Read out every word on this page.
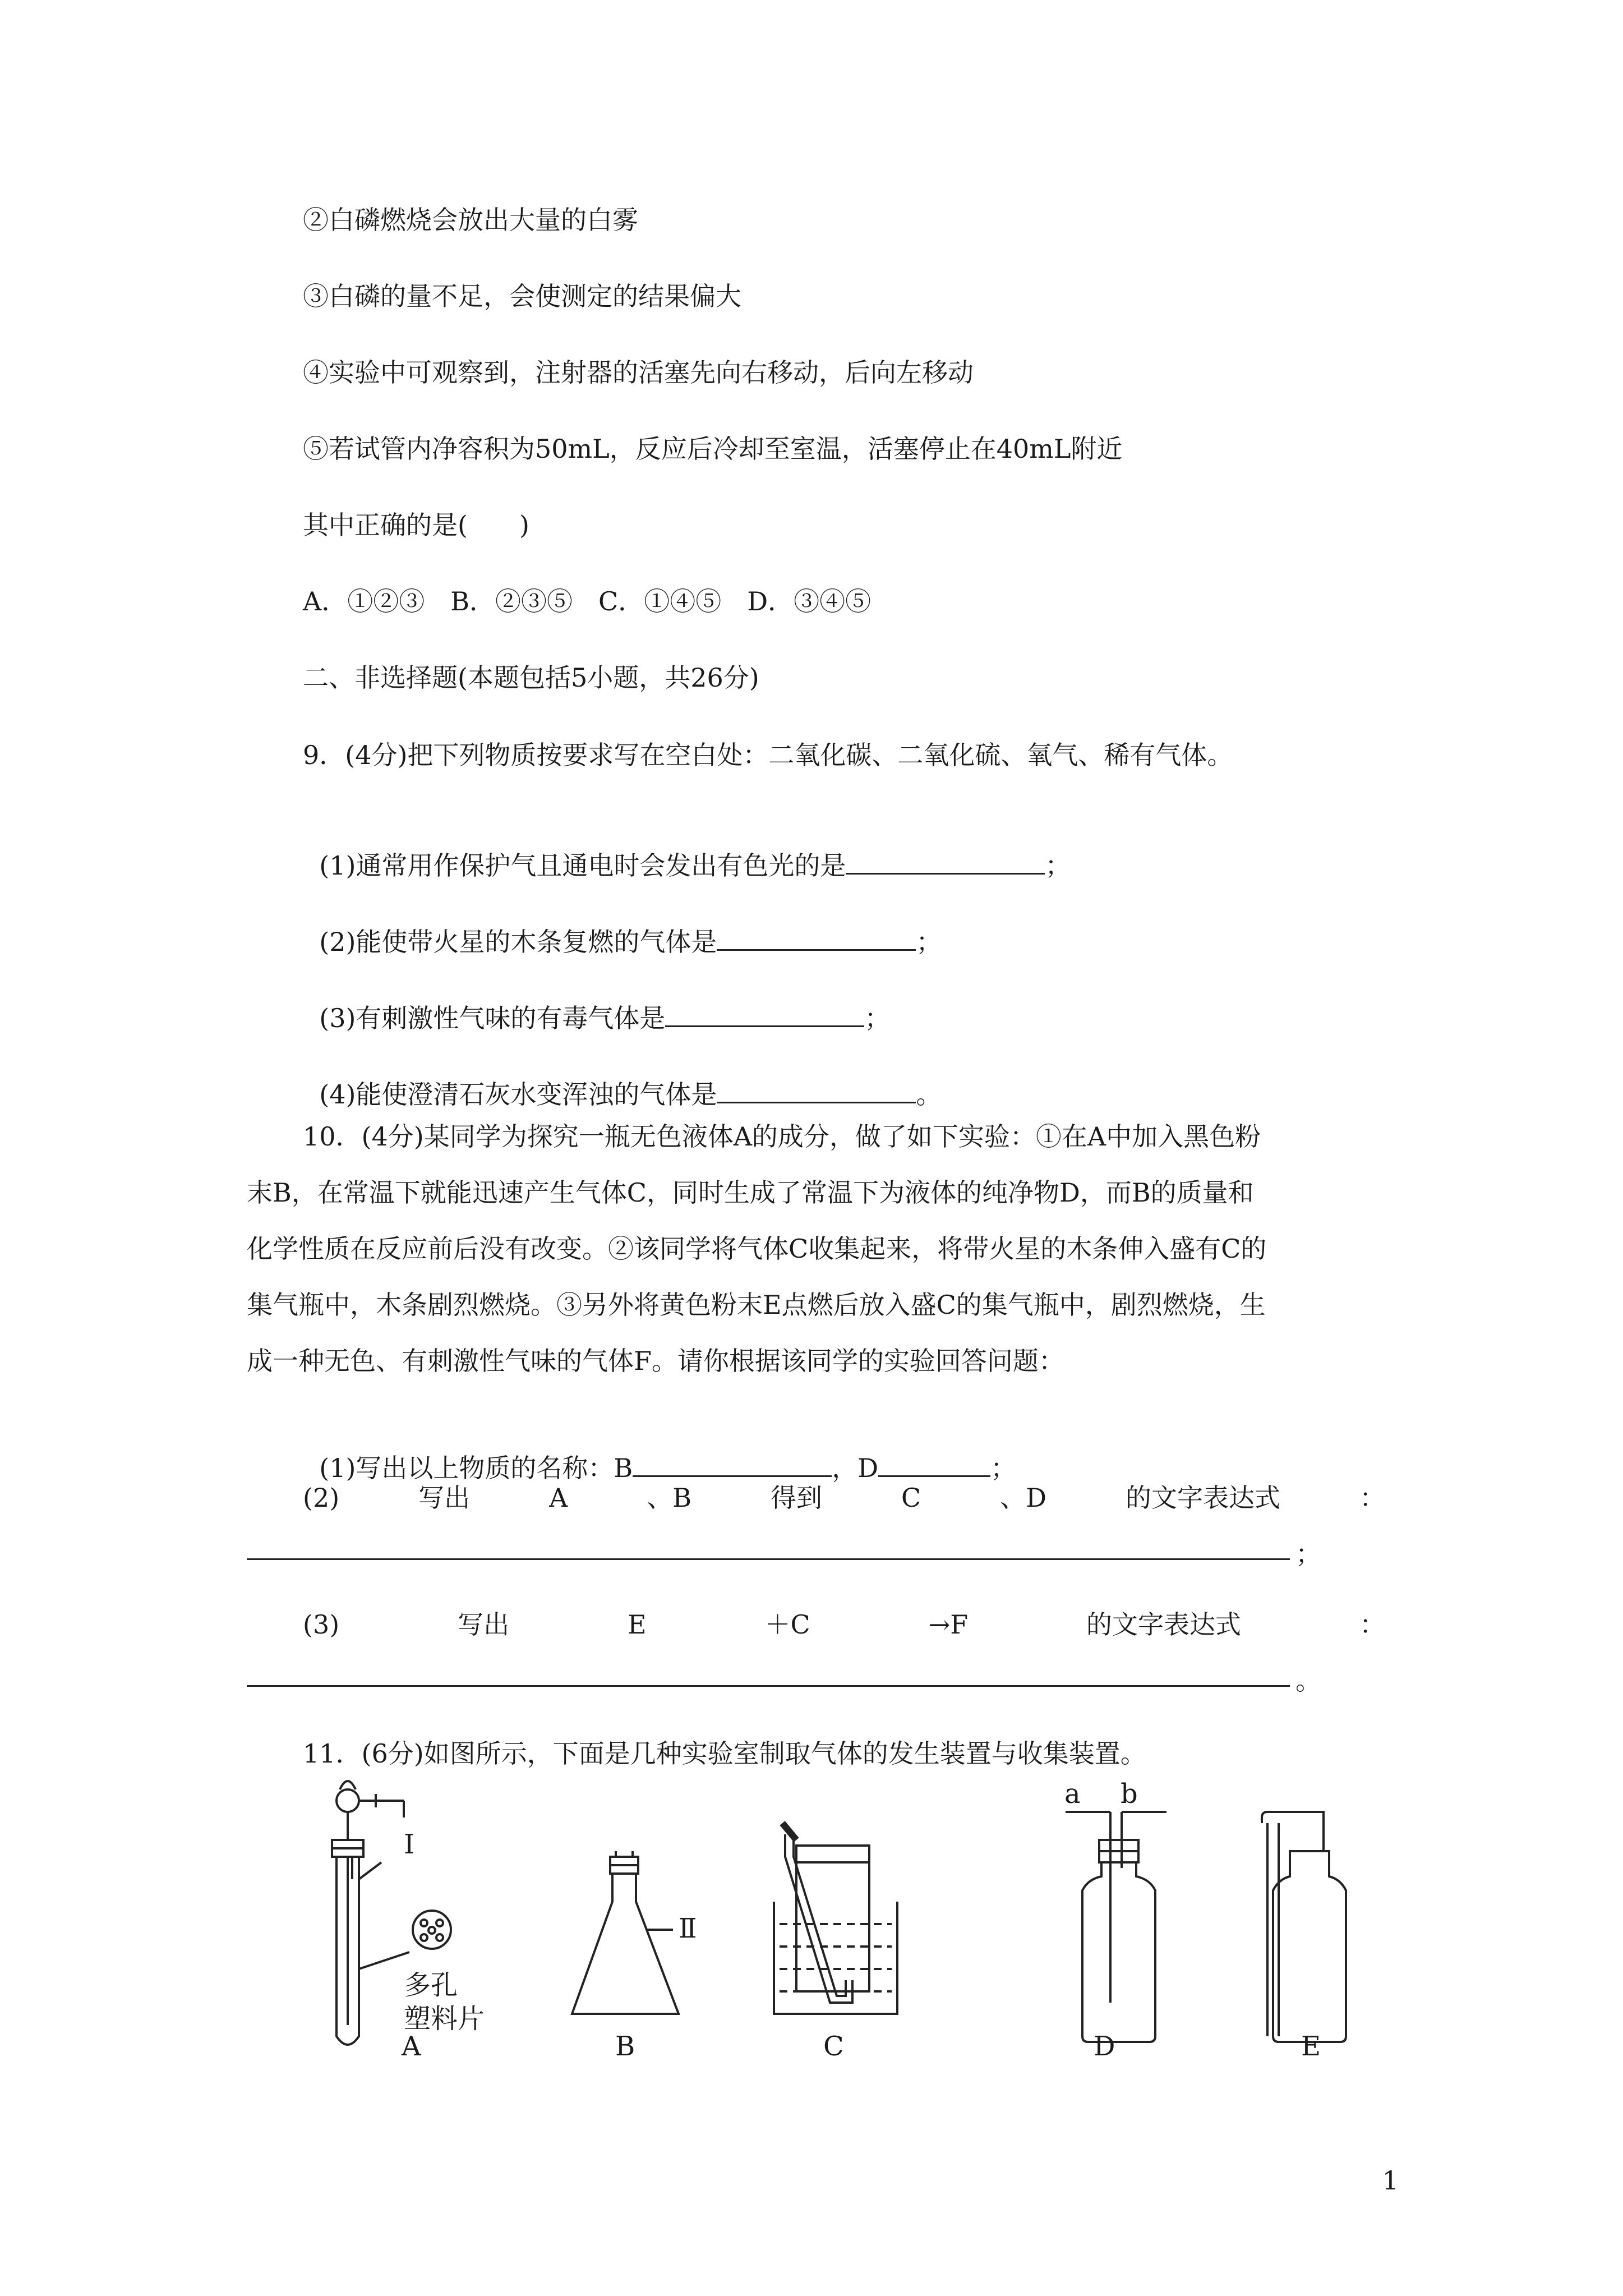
②白磷燃烧会放出大量的白雾
③白磷的量不足，会使测定的结果偏大
④实验中可观察到，注射器的活塞先向右移动，后向左移动
⑤若试管内净容积为50mL，反应后冷却至室温，活塞停止在40mL附近
其中正确的是(　　)
A．①②③　B．②③⑤　C．①④⑤　D．③④⑤
二、非选择题(本题包括5小题，共26分)
9．(4分)把下列物质按要求写在空白处：二氧化碳、二氧化硫、氧气、稀有气体。

(1)通常用作保护气且通电时会发出有色光的是	；

(2)能使带火星的木条复燃的气体是	；

(3)有刺激性气味的有毒气体是	；

(4)能使澄清石灰水变浑浊的气体是	。

10．(4分)某同学为探究一瓶无色液体A的成分，做了如下实验：①在A中加入黑色粉
末B，在常温下就能迅速产生气体C，同时生成了常温下为液体的纯净物D，而B的质量和
化学性质在反应前后没有改变。②该同学将气体C收集起来，将带火星的木条伸入盛有C的
集气瓶中，木条剧烈燃烧。③另外将黄色粉末E点燃后放入盛C的集气瓶中，剧烈燃烧，生
成一种无色、有刺激性气味的气体F。请你根据该同学的实验回答问题：

(1)写出以上物质的名称：B	，D	；

(2)	写出	A	、B	得到	C	、D	的文字表达式	：
；
(3)	写出	E	＋C	→F	的文字表达式	：
。
11．(6分)如图所示，下面是几种实验室制取气体的发生装置与收集装置。
Ⅰ
Ⅱ
多孔
塑料片
a b
A	B	C	D	E
1
